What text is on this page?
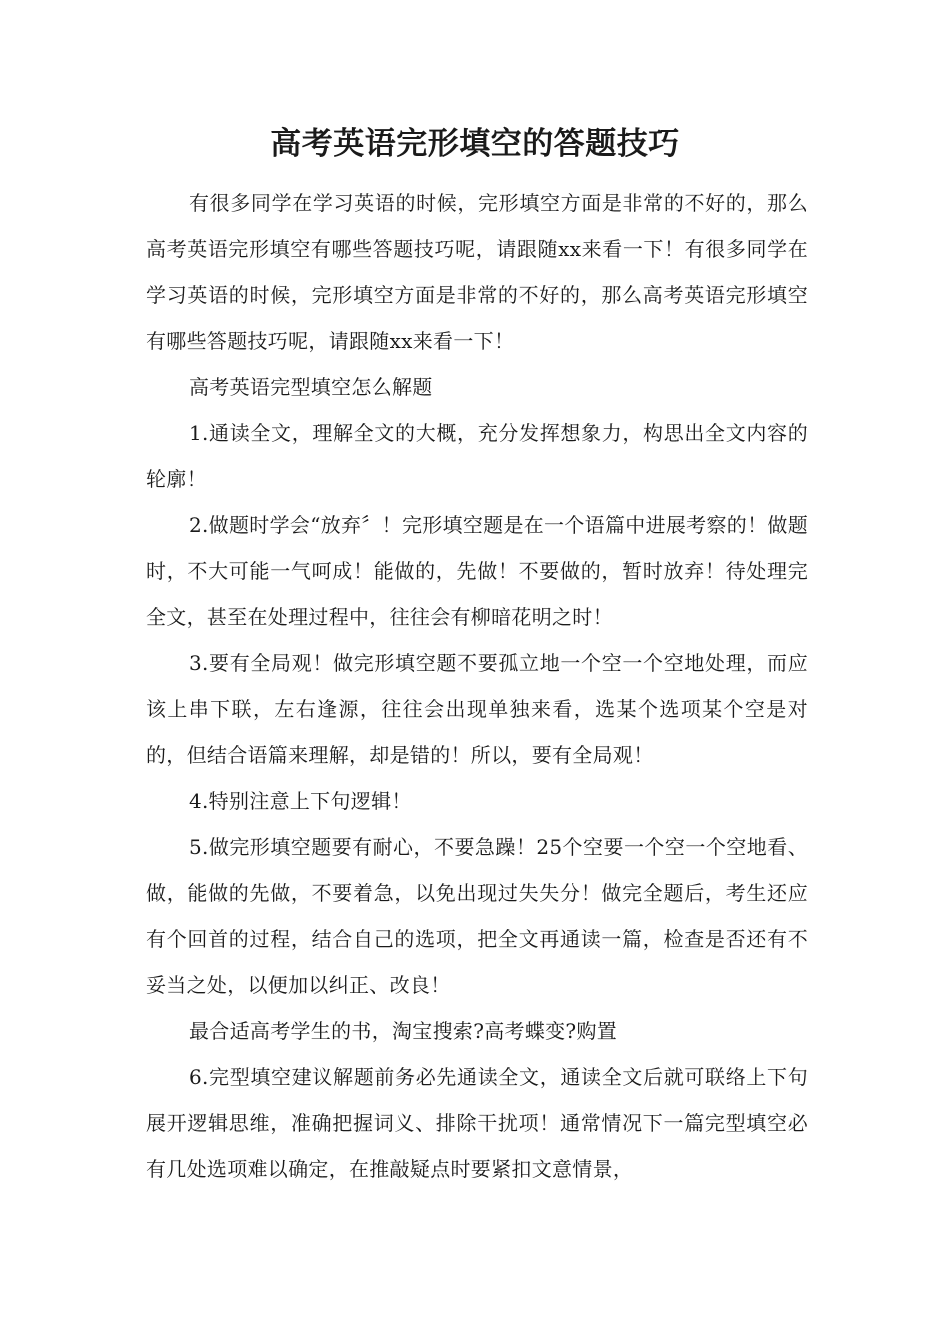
高考英语完形填空的答题技巧

有很多同学在学习英语的时候，完形填空方面是非常的不好的，那么高考英语完形填空有哪些答题技巧呢，请跟随xx来看一下！有很多同学在学习英语的时候，完形填空方面是非常的不好的，那么高考英语完形填空有哪些答题技巧呢，请跟随xx来看一下！

高考英语完型填空怎么解题

1.通读全文，理解全文的大概，充分发挥想象力，构思出全文内容的轮廓！

2.做题时学会“放弃〞！完形填空题是在一个语篇中进展考察的！做题时，不大可能一气呵成！能做的，先做！不要做的，暂时放弃！待处理完全文，甚至在处理过程中，往往会有柳暗花明之时！

3.要有全局观！做完形填空题不要孤立地一个空一个空地处理，而应该上串下联，左右逢源，往往会出现单独来看，选某个选项某个空是对的，但结合语篇来理解，却是错的！所以，要有全局观！

4.特别注意上下句逻辑！

5.做完形填空题要有耐心，不要急躁！25个空要一个空一个空地看、做，能做的先做，不要着急，以免出现过失失分！做完全题后，考生还应有个回首的过程，结合自己的选项，把全文再通读一篇，检查是否还有不妥当之处，以便加以纠正、改良！

最合适高考学生的书，淘宝搜索?高考蝶变?购置

6.完型填空建议解题前务必先通读全文，通读全文后就可联络上下句展开逻辑思维，准确把握词义、排除干扰项！通常情况下一篇完型填空必有几处选项难以确定，在推敲疑点时要紧扣文意情景，
